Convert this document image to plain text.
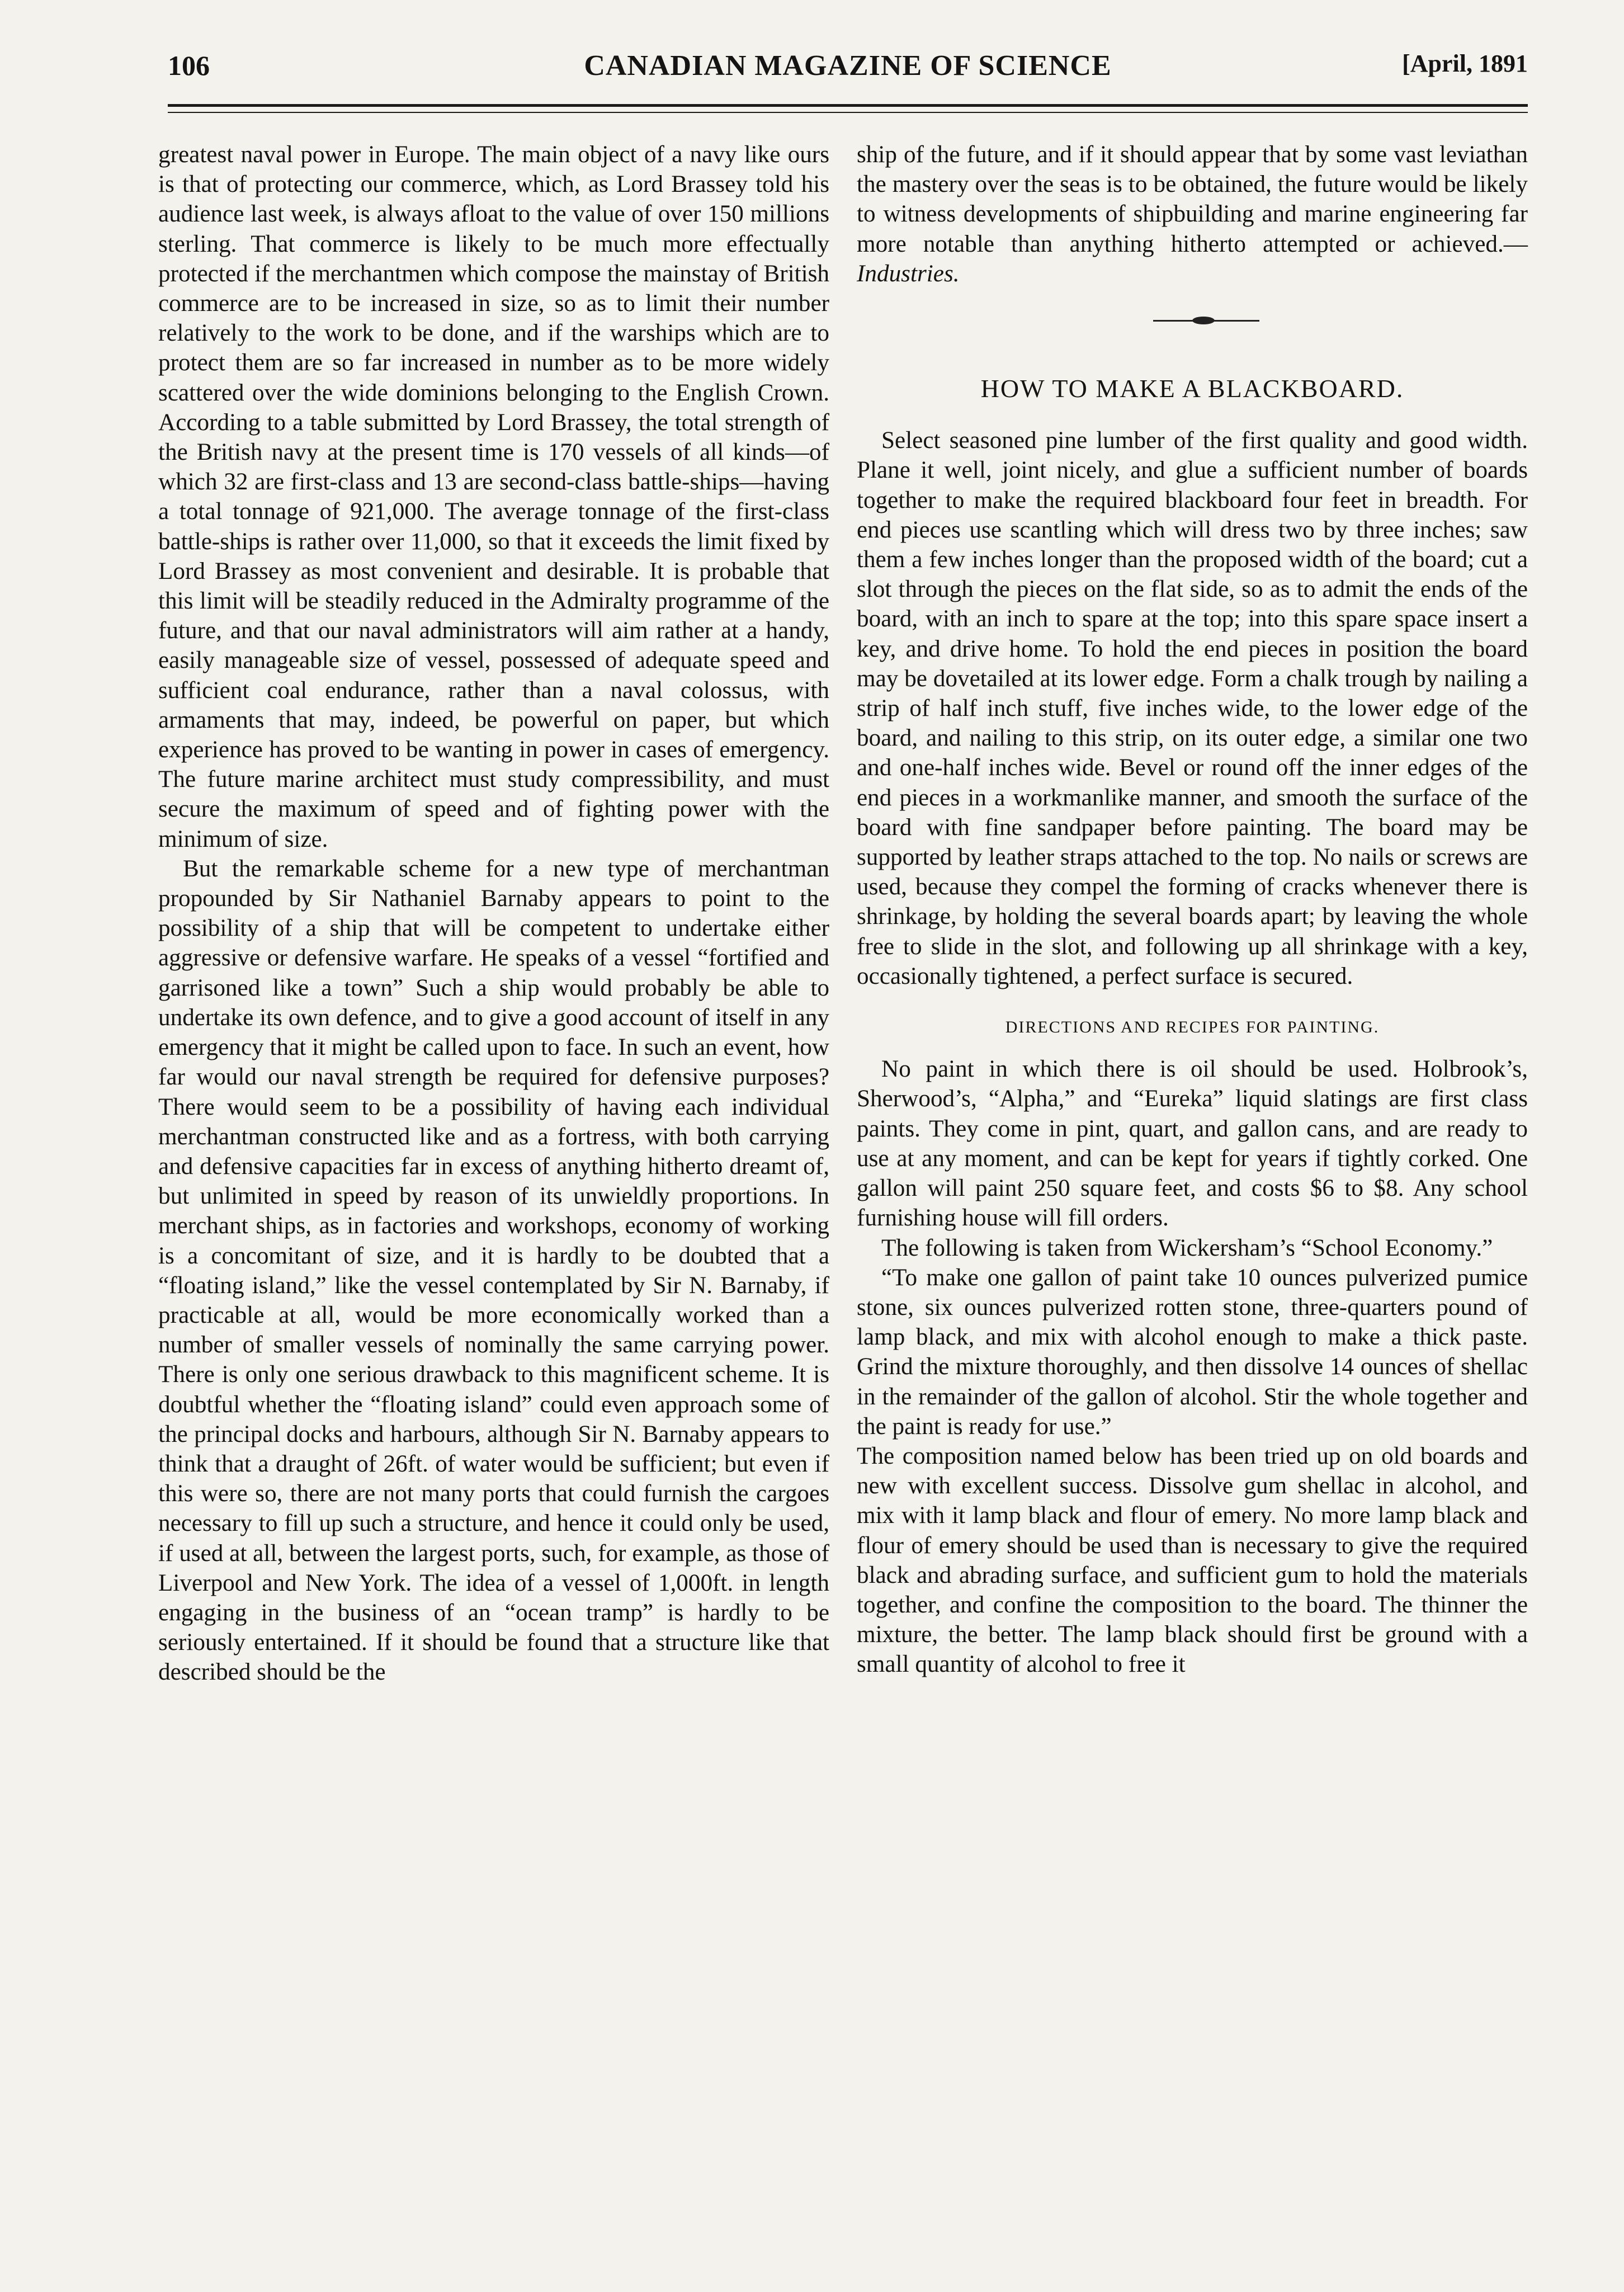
106	CANADIAN MAGAZINE OF SCIENCE	[April, 1891

greatest naval power in Europe. The main object of a navy like ours is that of protecting our commerce, which, as Lord Brassey told his audience last week, is always afloat to the value of over 150 millions sterling. That commerce is likely to be much more effectually protected if the merchantmen which compose the mainstay of British commerce are to be increased in size, so as to limit their number relatively to the work to be done, and if the warships which are to protect them are so far increased in number as to be more widely scattered over the wide dominions belonging to the English Crown. According to a table submitted by Lord Brassey, the total strength of the British navy at the present time is 170 vessels of all kinds—of which 32 are first-class and 13 are second-class battle-ships—having a total tonnage of 921,000. The average tonnage of the first-class battle-ships is rather over 11,000, so that it exceeds the limit fixed by Lord Brassey as most convenient and desirable. It is probable that this limit will be steadily reduced in the Admiralty programme of the future, and that our naval administrators will aim rather at a handy, easily manageable size of vessel, possessed of adequate speed and sufficient coal endurance, rather than a naval colossus, with armaments that may, indeed, be powerful on paper, but which experience has proved to be wanting in power in cases of emergency. The future marine architect must study compressibility, and must secure the maximum of speed and of fighting power with the minimum of size.

But the remarkable scheme for a new type of merchantman propounded by Sir Nathaniel Barnaby appears to point to the possibility of a ship that will be competent to undertake either aggressive or defensive warfare. He speaks of a vessel “fortified and garrisoned like a town” Such a ship would probably be able to undertake its own defence, and to give a good account of itself in any emergency that it might be called upon to face. In such an event, how far would our naval strength be required for defensive purposes? There would seem to be a possibility of having each individual merchantman constructed like and as a fortress, with both carrying and defensive capacities far in excess of anything hitherto dreamt of, but unlimited in speed by reason of its unwieldly proportions. In merchant ships, as in factories and workshops, economy of working is a concomitant of size, and it is hardly to be doubted that a “floating island,” like the vessel contemplated by Sir N. Barnaby, if practicable at all, would be more economically worked than a number of smaller vessels of nominally the same carrying power. There is only one serious drawback to this magnificent scheme. It is doubtful whether the “floating island” could even approach some of the principal docks and harbours, although Sir N. Barnaby appears to think that a draught of 26ft. of water would be sufficient; but even if this were so, there are not many ports that could furnish the cargoes necessary to fill up such a structure, and hence it could only be used, if used at all, between the largest ports, such, for example, as those of Liverpool and New York. The idea of a vessel of 1,000ft. in length engaging in the business of an “ocean tramp” is hardly to be seriously entertained. If it should be found that a structure like that described should be the

ship of the future, and if it should appear that by some vast leviathan the mastery over the seas is to be obtained, the future would be likely to witness developments of shipbuilding and marine engineering far more notable than anything hitherto attempted or achieved.—Industries.

HOW TO MAKE A BLACKBOARD.

Select seasoned pine lumber of the first quality and good width. Plane it well, joint nicely, and glue a sufficient number of boards together to make the required blackboard four feet in breadth. For end pieces use scantling which will dress two by three inches; saw them a few inches longer than the proposed width of the board; cut a slot through the pieces on the flat side, so as to admit the ends of the board, with an inch to spare at the top; into this spare space insert a key, and drive home. To hold the end pieces in position the board may be dovetailed at its lower edge. Form a chalk trough by nailing a strip of half inch stuff, five inches wide, to the lower edge of the board, and nailing to this strip, on its outer edge, a similar one two and one-half inches wide. Bevel or round off the inner edges of the end pieces in a workmanlike manner, and smooth the surface of the board with fine sandpaper before painting. The board may be supported by leather straps attached to the top. No nails or screws are used, because they compel the forming of cracks whenever there is shrinkage, by holding the several boards apart; by leaving the whole free to slide in the slot, and following up all shrinkage with a key, occasionally tightened, a perfect surface is secured.

DIRECTIONS AND RECIPES FOR PAINTING.

No paint in which there is oil should be used. Holbrook’s, Sherwood’s, “Alpha,” and “Eureka” liquid slatings are first class paints. They come in pint, quart, and gallon cans, and are ready to use at any moment, and can be kept for years if tightly corked. One gallon will paint 250 square feet, and costs $6 to $8. Any school furnishing house will fill orders.

The following is taken from Wickersham’s “School Economy.”

“To make one gallon of paint take 10 ounces pulverized pumice stone, six ounces pulverized rotten stone, three-quarters pound of lamp black, and mix with alcohol enough to make a thick paste. Grind the mixture thoroughly, and then dissolve 14 ounces of shellac in the remainder of the gallon of alcohol. Stir the whole together and the paint is ready for use.”

The composition named below has been tried up on old boards and new with excellent success. Dissolve gum shellac in alcohol, and mix with it lamp black and flour of emery. No more lamp black and flour of emery should be used than is necessary to give the required black and abrading surface, and sufficient gum to hold the materials together, and confine the composition to the board. The thinner the mixture, the better. The lamp black should first be ground with a small quantity of alcohol to free it
